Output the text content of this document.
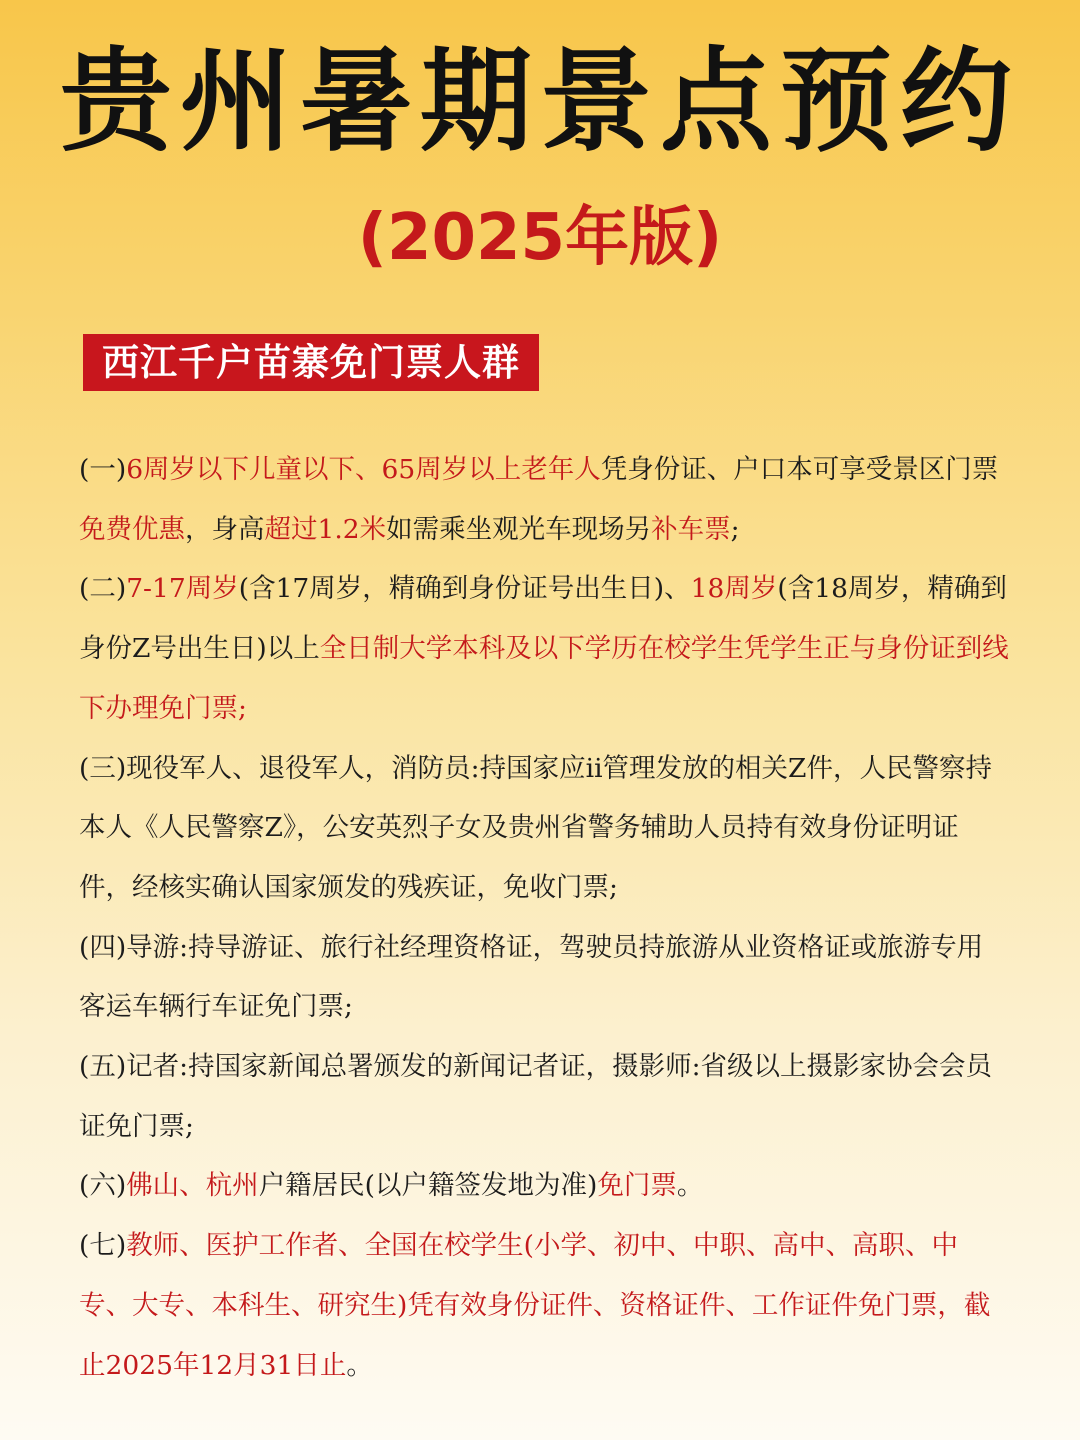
贵州暑期景点预约
(2025年版)
西江千户苗寨免门票人群

(一)6周岁以下儿童以下、65周岁以上老年人凭身份证、户口本可享受景区门票免费优惠，身高超过1.2米如需乘坐观光车现场另补车票;

(二)7-17周岁(含17周岁，精确到身份证号出生日)、18周岁(含18周岁，精确到身份Z号出生日)以上全日制大学本科及以下学历在校学生凭学生正与身份证到线下办理免门票;

(三)现役军人、退役军人，消防员:持国家应ii管理发放的相关Z件，人民警察持本人《人民警察Z》，公安英烈子女及贵州省警务辅助人员持有效身份证明证件，经核实确认国家颁发的残疾证，免收门票;

(四)导游:持导游证、旅行社经理资格证，驾驶员持旅游从业资格证或旅游专用客运车辆行车证免门票;

(五)记者:持国家新闻总署颁发的新闻记者证，摄影师:省级以上摄影家协会会员证免门票;

(六)佛山、杭州户籍居民(以户籍签发地为准)免门票。

(七)教师、医护工作者、全国在校学生(小学、初中、中职、高中、高职、中专、大专、本科生、研究生)凭有效身份证件、资格证件、工作证件免门票，截止2025年12月31日止。
